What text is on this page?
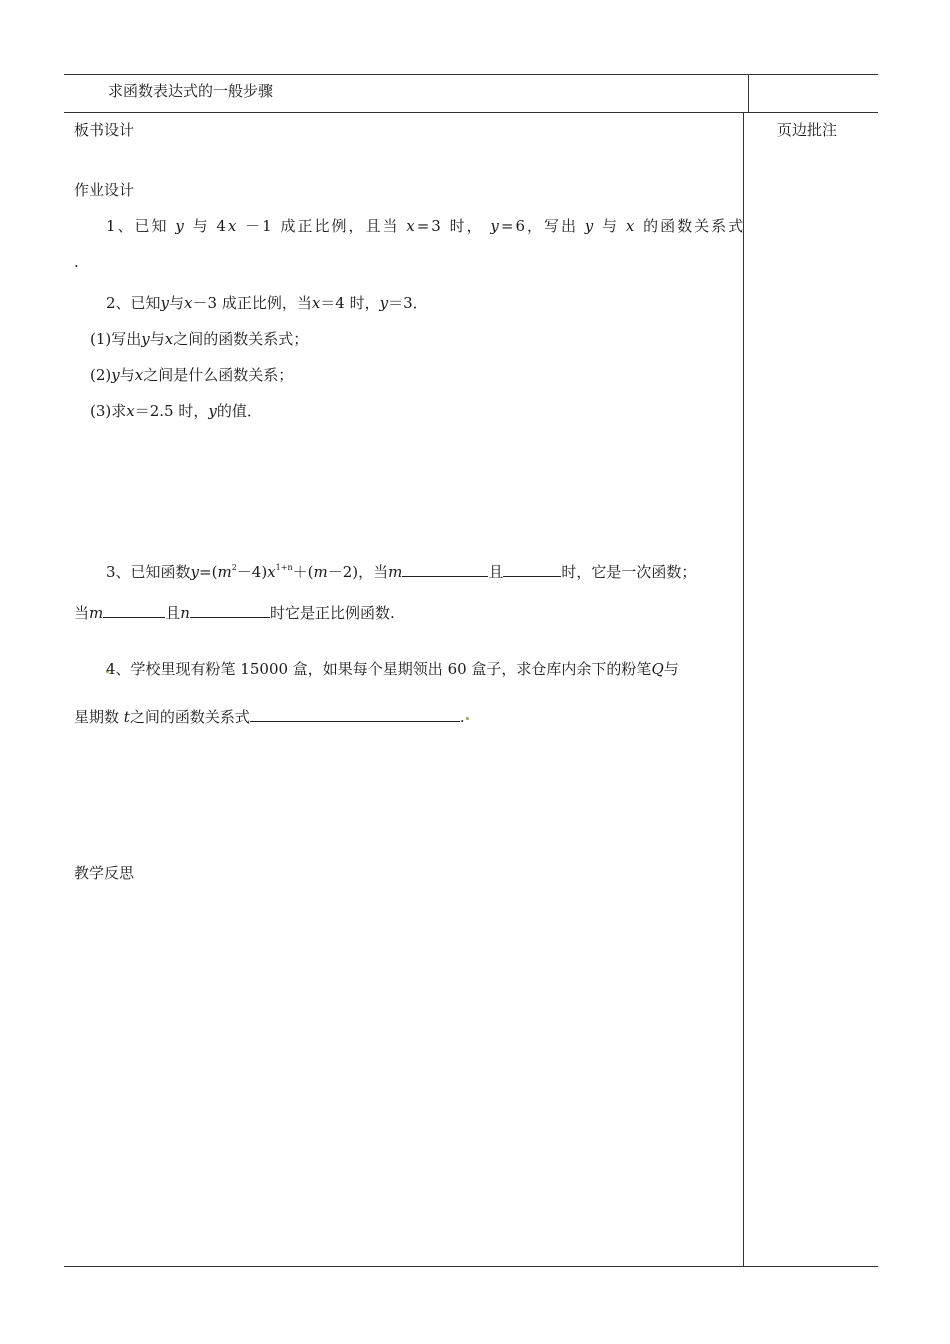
求函数表达式的一般步骤
页边批注
板书设计
作业设计
1、已知 y 与 4x －1 成正比例，且当 x=3 时， y=6，写出 y 与 x 的函数关系式
.
2、已知y与x－3 成正比例，当x＝4 时，y＝3．
(1)写出y与x之间的函数关系式；
(2)y与x之间是什么函数关系；
(3)求x＝2.5 时，y的值．
3、已知函数$y=(m^2-4)x^{1+n}+(m-2)$，当m	且	时，它是一次函数；
当m	且n	时它是正比例函数.
4、学校里现有粉笔 15000 盒，如果每个星期领出 60 盒子，求仓库内余下的粉笔Q与
星期数 t之间的函数关系式	.
教学反思
